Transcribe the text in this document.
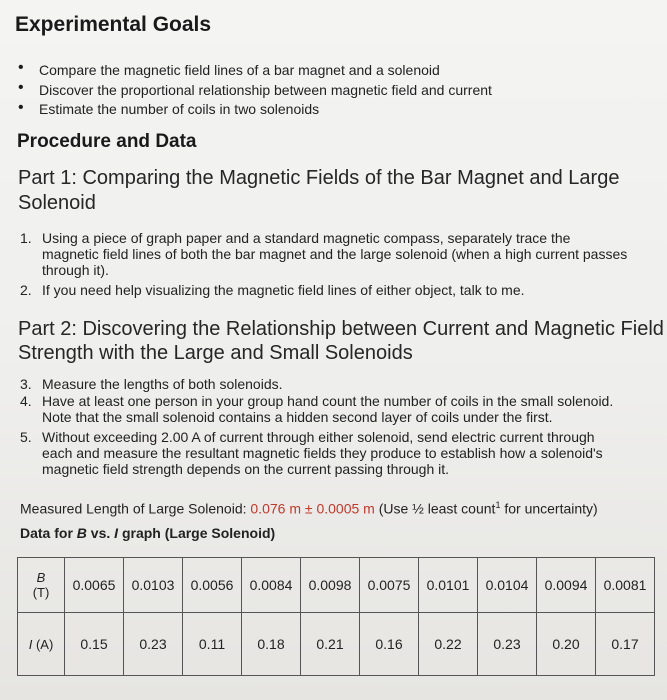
Experimental Goals
• Compare the magnetic field lines of a bar magnet and a solenoid
• Discover the proportional relationship between magnetic field and current
• Estimate the number of coils in two solenoids
Procedure and Data
Part 1: Comparing the Magnetic Fields of the Bar Magnet and Large
Solenoid
1. Using a piece of graph paper and a standard magnetic compass, separately trace the
magnetic field lines of both the bar magnet and the large solenoid (when a high current passes
through it).
2. If you need help visualizing the magnetic field lines of either object, talk to me.
Part 2: Discovering the Relationship between Current and Magnetic Field
Strength with the Large and Small Solenoids
3. Measure the lengths of both solenoids.
4. Have at least one person in your group hand count the number of coils in the small solenoid.
Note that the small solenoid contains a hidden second layer of coils under the first.
5. Without exceeding 2.00 A of current through either solenoid, send electric current through
each and measure the resultant magnetic fields they produce to establish how a solenoid's
magnetic field strength depends on the current passing through it.
Measured Length of Large Solenoid: 0.076 m ± 0.0005 m (Use ½ least count$^1$ for uncertainty)
Data for B vs. I graph (Large Solenoid)
B
(T)	0.0065	0.0103	0.0056	0.0084	0.0098	0.0075	0.0101	0.0104	0.0094	0.0081
I (A)	0.15	0.23	0.11	0.18	0.21	0.16	0.22	0.23	0.20	0.17
